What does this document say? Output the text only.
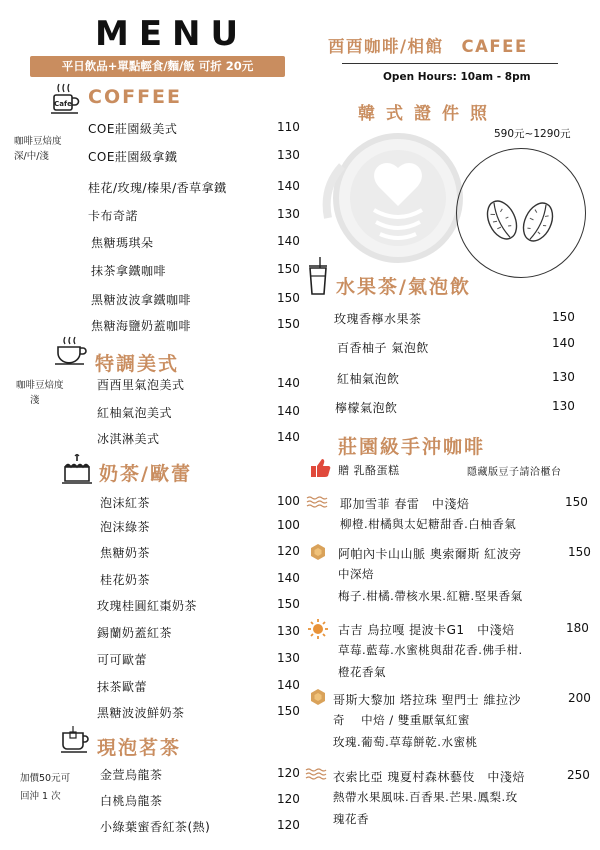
MENU
平日飲品+單點輕食/麵/飯 可折 20元
Cafe COFFEE
咖啡豆焙度
深/中/淺
COE莊園級美式	110
COE莊園級拿鐵	130
桂花/玫瑰/榛果/香草拿鐵	140
卡布奇諾	130
焦糖瑪琪朵	140
抹茶拿鐵咖啡	150
黑糖波波拿鐵咖啡	150
焦糖海鹽奶蓋咖啡	150
特調美式
咖啡豆焙度
淺
酉酉里氣泡美式	140
紅柚氣泡美式	140
冰淇淋美式	140
奶茶/歐蕾
泡沫紅茶	100
泡沫綠茶	100
焦糖奶茶	120
桂花奶茶	140
玫瑰桂圓紅棗奶茶	150
錫蘭奶蓋紅茶	130
可可歐蕾	130
抹茶歐蕾	140
黑糖波波鮮奶茶	150
現泡茗茶
加價50元可
回沖 1 次
金萱烏龍茶	120
白桃烏龍茶	120
小綠葉蜜香紅茶(熱)	120
酉酉咖啡/相館　CAFEE
Open Hours: 10am - 8pm
韓式證件照
590元~1290元
水果茶/氣泡飲
玫瑰香檸水果茶	150
百香柚子 氣泡飲	140
紅柚氣泡飲	130
檸檬氣泡飲	130
莊園級手沖咖啡
贈 乳酪蛋糕	隱藏版豆子請洽櫃台
耶加雪菲 春雷　中淺焙	150
柳橙.柑橘與太妃糖甜香.白柚香氣
阿帕內卡山山脈 奧索爾斯 紅波旁	150
中深焙
梅子.柑橘.帶核水果.紅糖.堅果香氣
古吉 烏拉嘎 提波卡G1　中淺焙	180
草莓.藍莓.水蜜桃與甜花香.佛手柑.
橙花香氣
哥斯大黎加 塔拉珠 聖門士 維拉沙	200
奇　 中焙 / 雙重厭氧紅蜜
玫瑰.葡萄.草莓餅乾.水蜜桃
衣索比亞 瑰夏村森林藝伎　中淺焙	250
熱帶水果風味.百香果.芒果.鳳梨.玫
瑰花香
